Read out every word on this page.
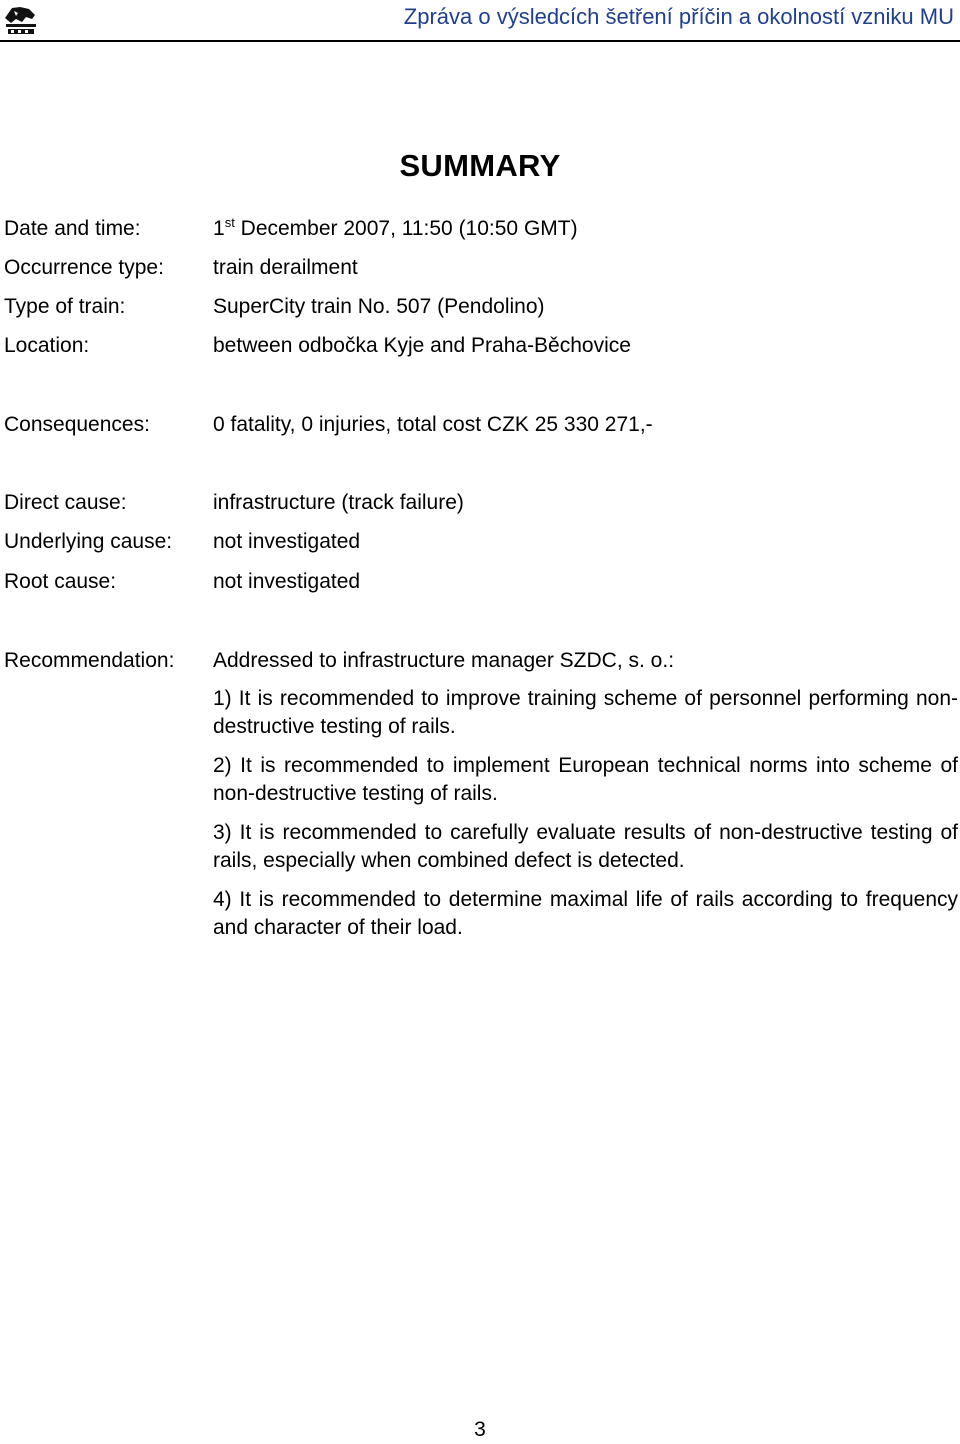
Zpráva o výsledcích šetření příčin a okolností vzniku MU
SUMMARY
Date and time:	1st December 2007, 11:50 (10:50 GMT)
Occurrence type: train derailment
Type of train:	SuperCity train No. 507 (Pendolino)
Location:	between odbočka Kyje and Praha-Běchovice
Consequences:	0 fatality, 0 injuries, total cost CZK 25 330 271,-
Direct cause:	infrastructure (track failure)
Underlying cause: not investigated
Root cause:	not investigated
Recommendation: Addressed to infrastructure manager SZDC, s. o.:
1) It is recommended to improve training scheme of personnel performing non-destructive testing of rails.
2) It is recommended to implement European technical norms into scheme of non-destructive testing of rails.
3) It is recommended to carefully evaluate results of non-destructive testing of rails, especially when combined defect is detected.
4) It is recommended to determine maximal life of rails according to frequency and character of their load.
3
